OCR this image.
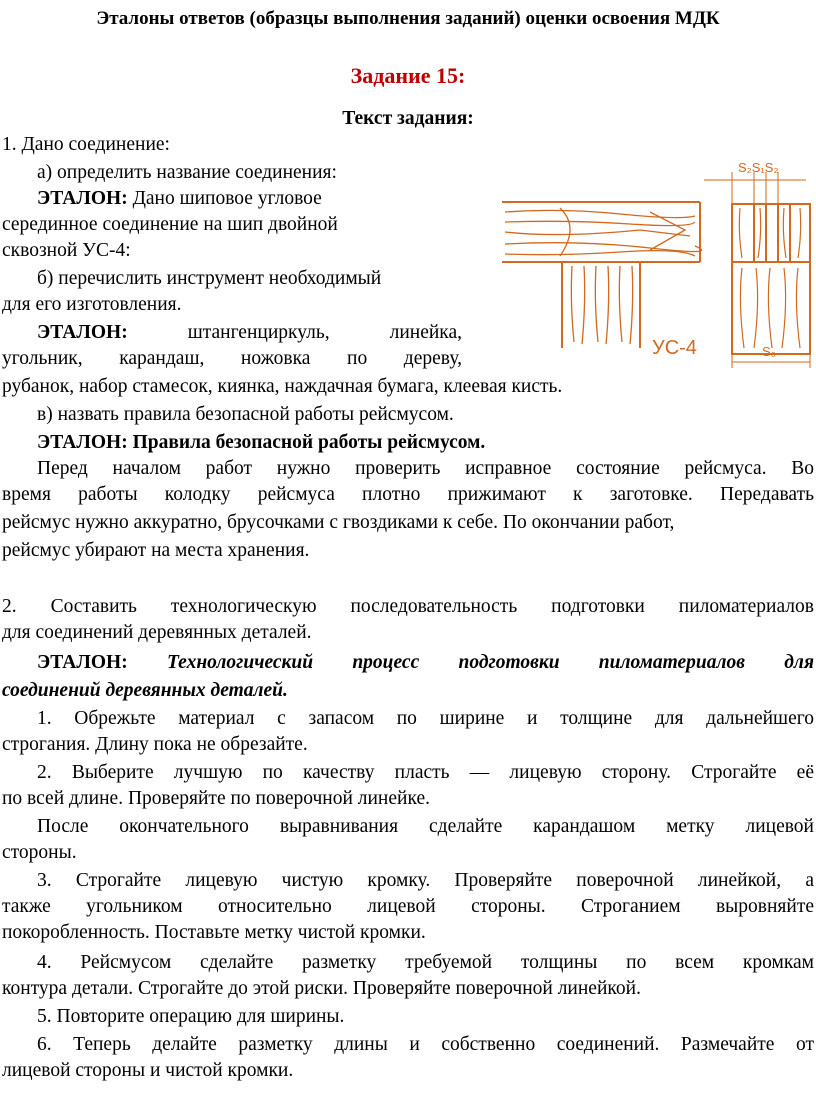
Эталоны ответов (образцы выполнения заданий) оценки освоения МДК
Задание 15:
Текст задания:
1. Дано соединение:
а) определить название соединения:
ЭТАЛОН: Дано шиповое угловое
серединное соединение на шип двойной
сквозной УС-4:
б) перечислить инструмент необходимый
для его изготовления.
ЭТАЛОН:	штангенциркуль, линейка,
угольник, карандаш, ножовка по дереву,
рубанок, набор стамесок, киянка, наждачная бумага, клеевая кисть.
в) назвать правила безопасной работы рейсмусом.
ЭТАЛОН: Правила безопасной работы рейсмусом.
Перед началом работ нужно проверить исправное состояние рейсмуса. Во
время работы колодку рейсмуса плотно прижимают к заготовке. Передавать
рейсмус нужно аккуратно, брусочками с гвоздиками к себе. По окончании работ,
рейсмус убирают на места хранения.
S₂S₁S₂
S₀
УС-4
2. Составить технологическую последовательность подготовки пиломатериалов
для соединений деревянных деталей.
ЭТАЛОН: Технологический процесс подготовки пиломатериалов для
соединений деревянных деталей.
1. Обрежьте материал с запасом по ширине и толщине для дальнейшего
строгания. Длину пока не обрезайте.
2. Выберите лучшую по качеству пласть — лицевую сторону. Строгайте её
по всей длине. Проверяйте по поверочной линейке.
После окончательного выравнивания сделайте карандашом метку лицевой
стороны.
3. Строгайте лицевую чистую кромку. Проверяйте поверочной линейкой, а
также угольником относительно лицевой стороны. Строганием выровняйте
покоробленность. Поставьте метку чистой кромки.
4. Рейсмусом сделайте разметку требуемой толщины по всем кромкам
контура детали. Строгайте до этой риски. Проверяйте поверочной линейкой.
5. Повторите операцию для ширины.
6. Теперь делайте разметку длины и собственно соединений. Размечайте от
лицевой стороны и чистой кромки.
